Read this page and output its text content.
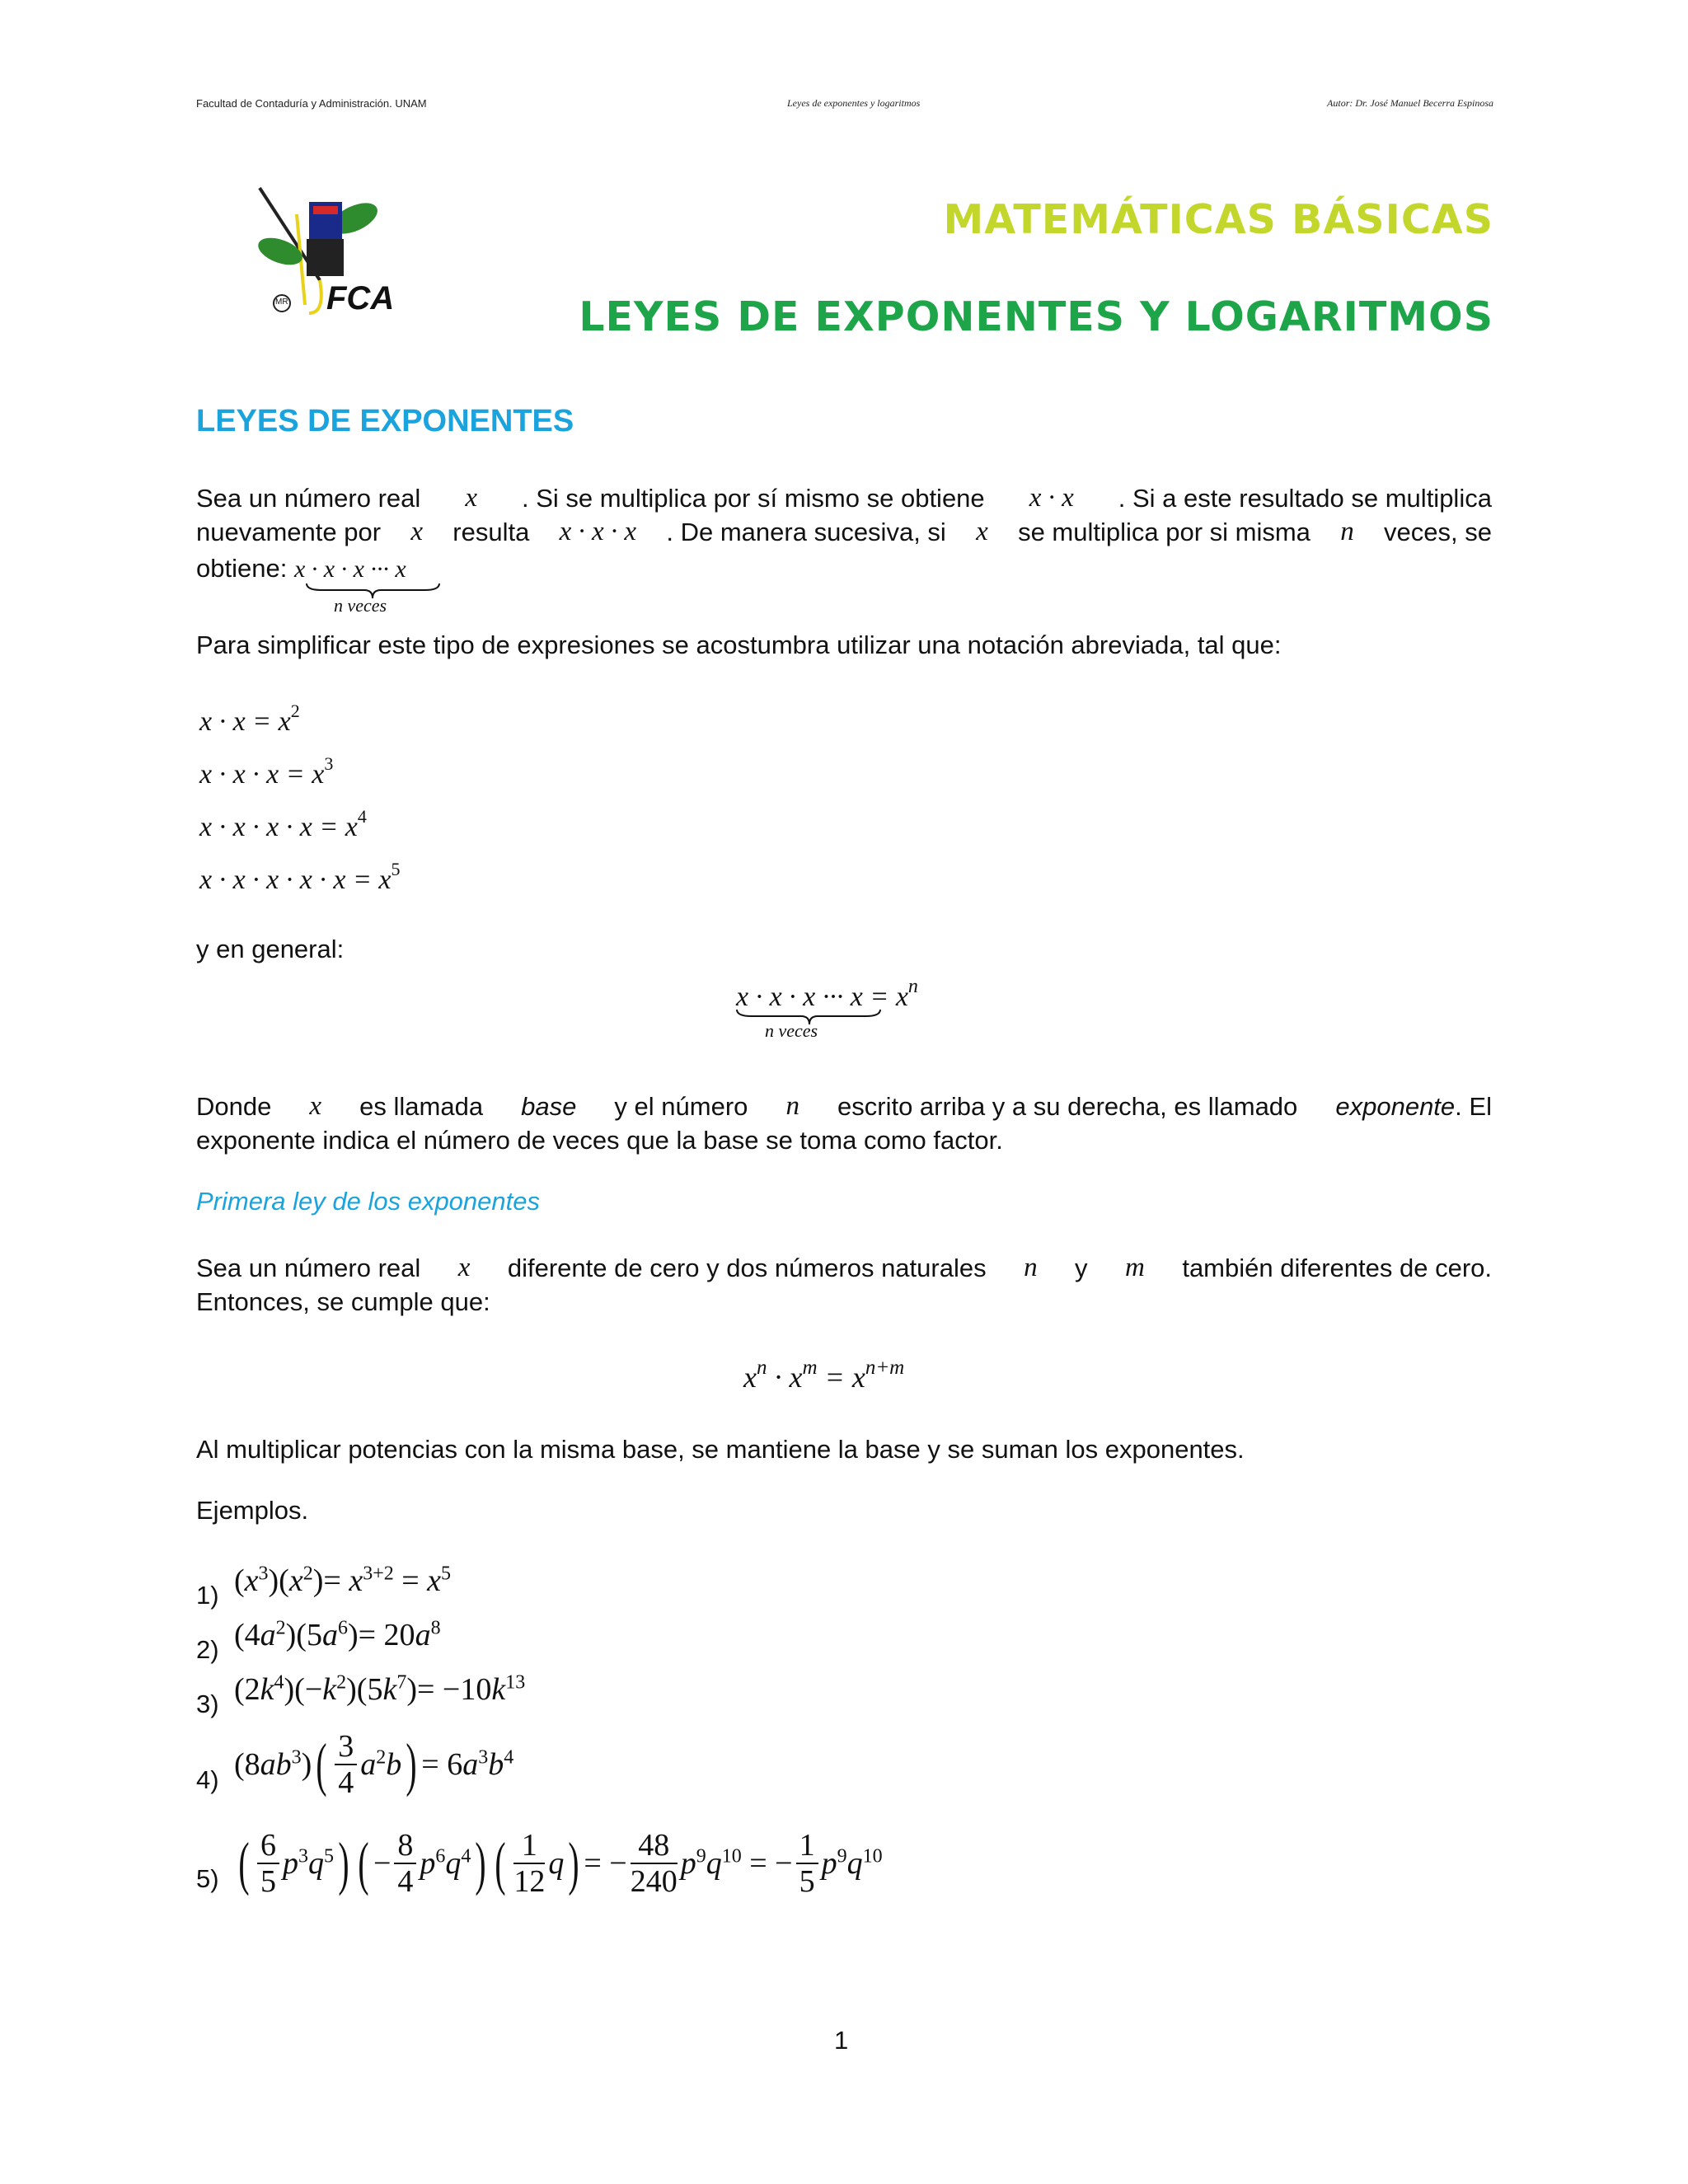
Facultad de Contaduría y Administración. UNAM	Leyes de exponentes y logaritmos	Autor: Dr. José Manuel Becerra Espinosa
FCA
MR
MATEMÁTICAS BÁSICAS
LEYES DE EXPONENTES Y LOGARITMOS
LEYES DE EXPONENTES
Sea un número real x . Si se multiplica por sí mismo se obtiene x · x . Si a este resultado se multiplica
nuevamente por x resulta x · x · x . De manera sucesiva, si x se multiplica por si misma n veces, se
obtiene: x · x · x ··· x
n veces
Para simplificar este tipo de expresiones se acostumbra utilizar una notación abreviada, tal que:
$x \cdot x = x^2$
$x \cdot x \cdot x = x^3$
$x \cdot x \cdot x \cdot x = x^4$
$x \cdot x \cdot x \cdot x \cdot x = x^5$
y en general:
x · x · x ··· x = xn
n veces
Donde x es llamada base y el número n escrito arriba y a su derecha, es llamado exponente. El
exponente indica el número de veces que la base se toma como factor.
Primera ley de los exponentes
Sea un número real x diferente de cero y dos números naturales n y m también diferentes de cero.
Entonces, se cumple que:
xn · xm = xn+m
Al multiplicar potencias con la misma base, se mantiene la base y se suman los exponentes.
Ejemplos.
1)
2)
3)
4)
5)
$(x^3)(x^2)= x^{3+2} = x^5$
$(4a^2)(5a^6)= 20a^8$
$(2k^4)(-k^2)(5k^7)= -10k^{13}$
$(8ab^3)$ ( $\frac{3}{4} a^2b$ ) = $6a^3b^4$
( $\frac{6}{5} p^3q^5$ ) ( − $\frac{8}{4} p^6q^4$ ) ( $\frac{1}{12}$ q ) = − $\frac{48}{240} p^9q^{10}$ = − $\frac{1}{5} p^9q^{10}$
1
